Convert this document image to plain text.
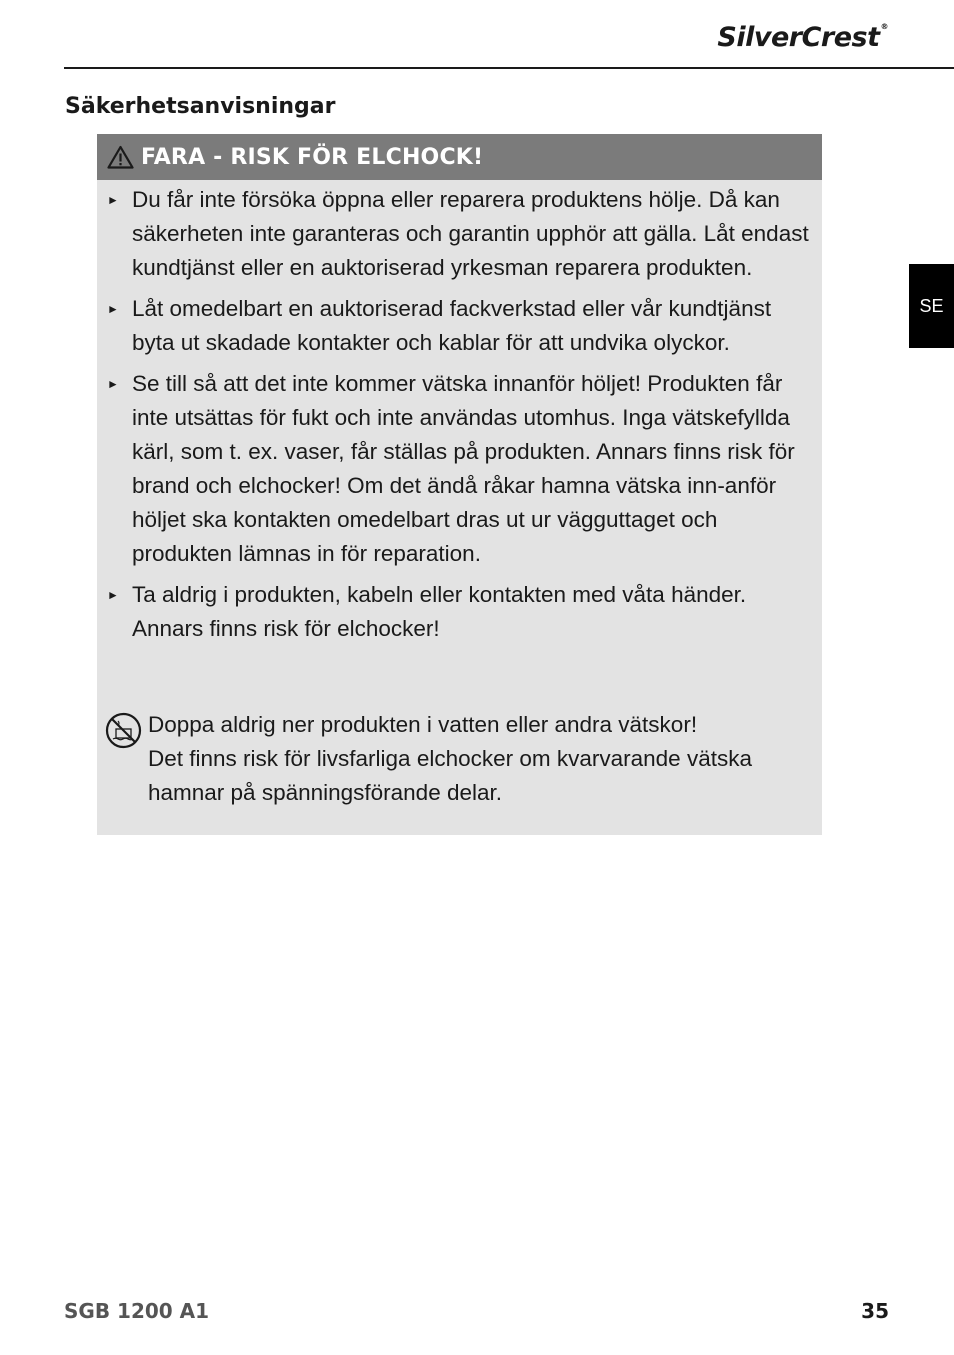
SilverCrest®
Säkerhetsanvisningar
SE
FARA - RISK FÖR ELCHOCK!
► Du får inte försöka öppna eller reparera produktens hölje. Då kan säkerheten inte garanteras och garantin upphör att gälla. Låt endast kundtjänst eller en auktoriserad yrkesman reparera produkten.
► Låt omedelbart en auktoriserad fackverkstad eller vår kundtjänst byta ut skadade kontakter och kablar för att undvika olyckor.
► Se till så att det inte kommer vätska innanför höljet! Produkten får inte utsättas för fukt och inte användas utomhus. Inga vätskefyllda kärl, som t. ex. vaser, får ställas på produkten. Annars finns risk för brand och elchocker! Om det ändå råkar hamna vätska inn-anför höljet ska kontakten omedelbart dras ut ur vägguttaget och produkten lämnas in för reparation.
► Ta aldrig i produkten, kabeln eller kontakten med våta händer. Annars finns risk för elchocker!
Doppa aldrig ner produkten i vatten eller andra vätskor!
Det finns risk för livsfarliga elchocker om kvarvarande vätska hamnar på spänningsförande delar.
SGB 1200 A1	35
